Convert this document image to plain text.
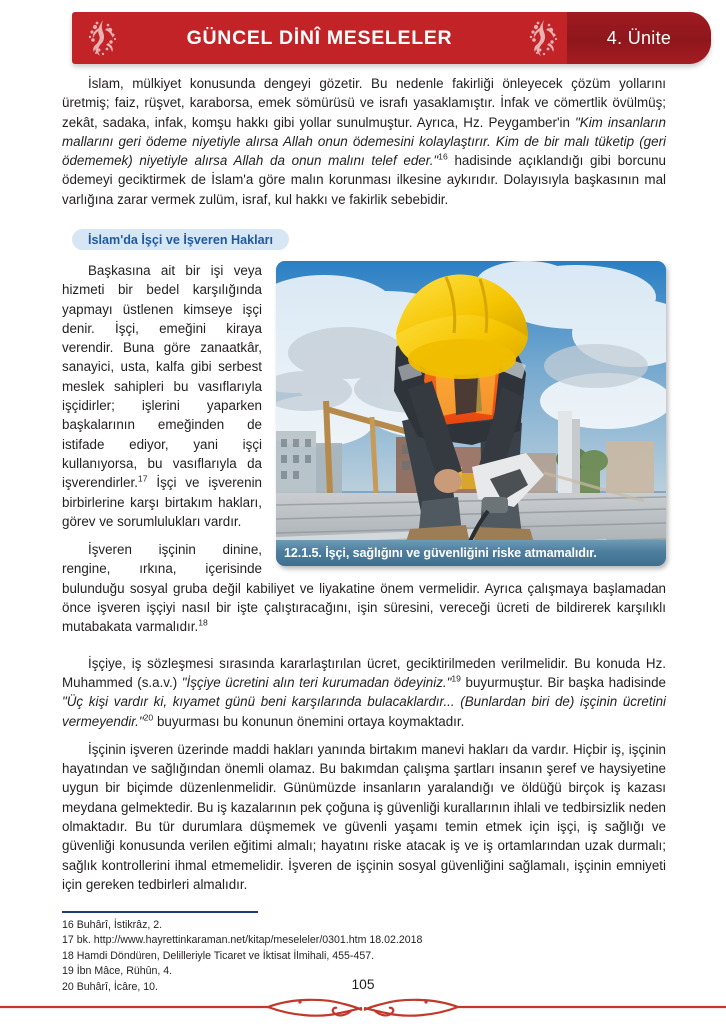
GÜNCEL DİNÎ MESELELER	4. Ünite

İslam, mülkiyet konusunda dengeyi gözetir. Bu nedenle fakirliği önleyecek çözüm yollarını üretmiş; faiz, rüşvet, karaborsa, emek sömürüsü ve israfı yasaklamıştır. İnfak ve cömertlik övülmüş; zekât, sadaka, infak, komşu hakkı gibi yollar sunulmuştur. Ayrıca, Hz. Peygamber'in "Kim insanların mallarını geri ödeme niyetiyle alırsa Allah onun ödemesini kolaylaştırır. Kim de bir malı tüketip (geri ödememek) niyetiyle alırsa Allah da onun malını telef eder."$^{16}$ hadisinde açıklandığı gibi borcunu ödemeyi geciktirmek de İslam'a göre malın korunması ilkesine aykırıdır. Dolayısıyla başkasının mal varlığına zarar vermek zulüm, israf, kul hakkı ve fakirlik sebebidir.

İslam'da İşçi ve İşveren Hakları
12.1.5. İşçi, sağlığını ve güvenliğini riske atmamalıdır.

Başkasına ait bir işi veya hizmeti bir bedel karşılığında yapmayı üstlenen kimseye işçi denir. İşçi, emeğini kiraya verendir. Buna göre zanaatkâr, sanayici, usta, kalfa gibi serbest meslek sahipleri bu vasıflarıyla işçidirler; işlerini yaparken başkalarının emeğinden de istifade ediyor, yani işçi kullanıyorsa, bu vasıflarıyla da işverendirler.$^{17}$ İşçi ve işverenin birbirlerine karşı birtakım hakları, görev ve sorumlulukları vardır.

İşveren işçinin dinine, rengine, ırkına, içerisinde bulunduğu sosyal gruba değil kabiliyet ve liyakatine önem vermelidir. Ayrıca çalışmaya başlamadan önce işveren işçiyi nasıl bir işte çalıştıracağını, işin süresini, vereceği ücreti de bildirerek karşılıklı mutabakata varmalıdır.$^{18}$

İşçiye, iş sözleşmesi sırasında kararlaştırılan ücret, geciktirilmeden verilmelidir. Bu konuda Hz. Muhammed (s.a.v.) "İşçiye ücretini alın teri kurumadan ödeyiniz."$^{19}$ buyurmuştur. Bir başka hadisinde "Üç kişi vardır ki, kıyamet günü beni karşılarında bulacaklardır... (Bunlardan biri de) işçinin ücretini vermeyendir."$^{20}$ buyurması bu konunun önemini ortaya koymaktadır.

İşçinin işveren üzerinde maddi hakları yanında birtakım manevi hakları da vardır. Hiçbir iş, işçinin hayatından ve sağlığından önemli olamaz. Bu bakımdan çalışma şartları insanın şeref ve haysiyetine uygun bir biçimde düzenlenmelidir. Günümüzde insanların yaralandığı ve öldüğü birçok iş kazası meydana gelmektedir. Bu iş kazalarının pek çoğuna iş güvenliği kurallarının ihlali ve tedbirsizlik neden olmaktadır. Bu tür durumlara düşmemek ve güvenli yaşamı temin etmek için işçi, iş sağlığı ve güvenliği konusunda verilen eğitimi almalı; hayatını riske atacak iş ve iş ortamlarından uzak durmalı; sağlık kontrollerini ihmal etmemelidir. İşveren de işçinin sosyal güvenliğini sağlamalı, işçinin emniyeti için gereken tedbirleri almalıdır.

16 Buhârî, İstikrâz, 2.
17 bk. http://www.hayrettinkaraman.net/kitap/meseleler/0301.htm 18.02.2018
18 Hamdi Döndüren, Delilleriyle Ticaret ve İktisat İlmihali, 455-457.
19 İbn Mâce, Rühûn, 4.
20 Buhârî, İcâre, 10.	105
